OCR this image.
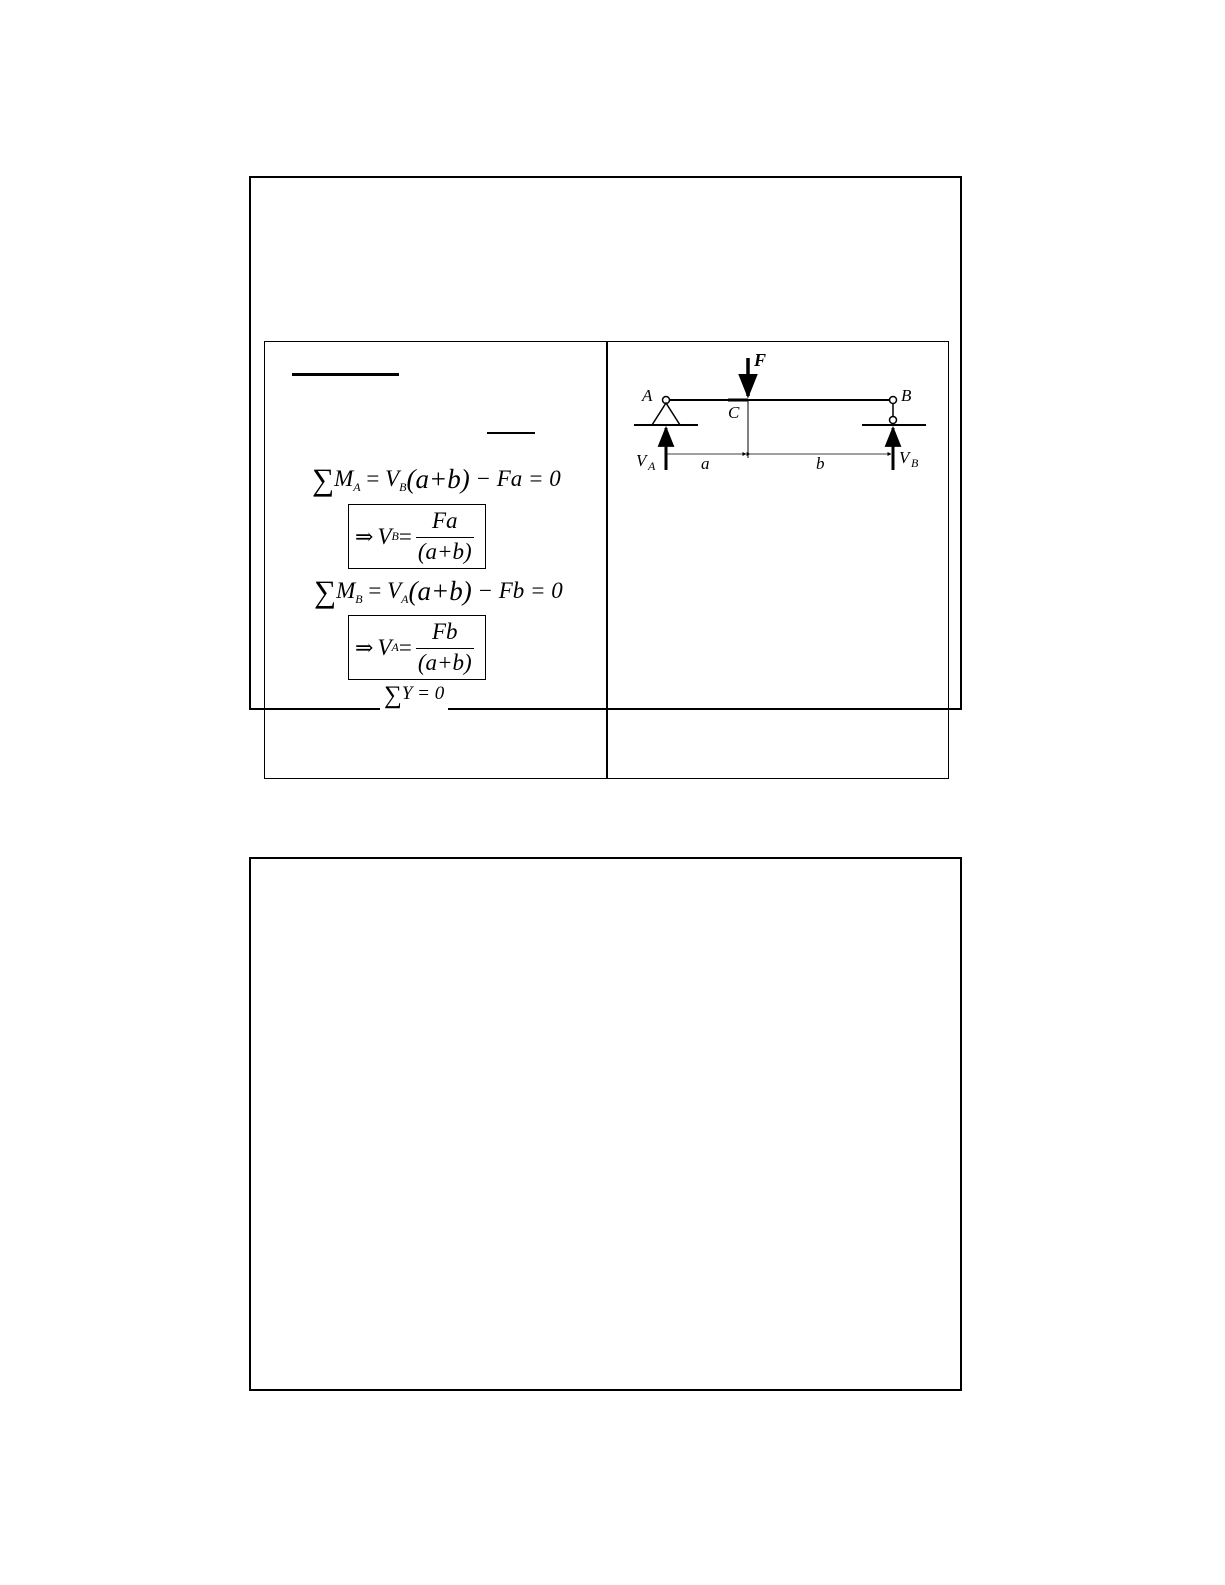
$\sum M_A = V_B(a+b) - Fa = 0$
⇒ V $B = \frac{Fa}{(a+b)}$
$\sum M_B = V_A(a+b) - Fb = 0$
⇒ V $A = \frac{Fb}{(a+b)}$
∑Y = 0
F
A	B
C
V A	V B
a	b
